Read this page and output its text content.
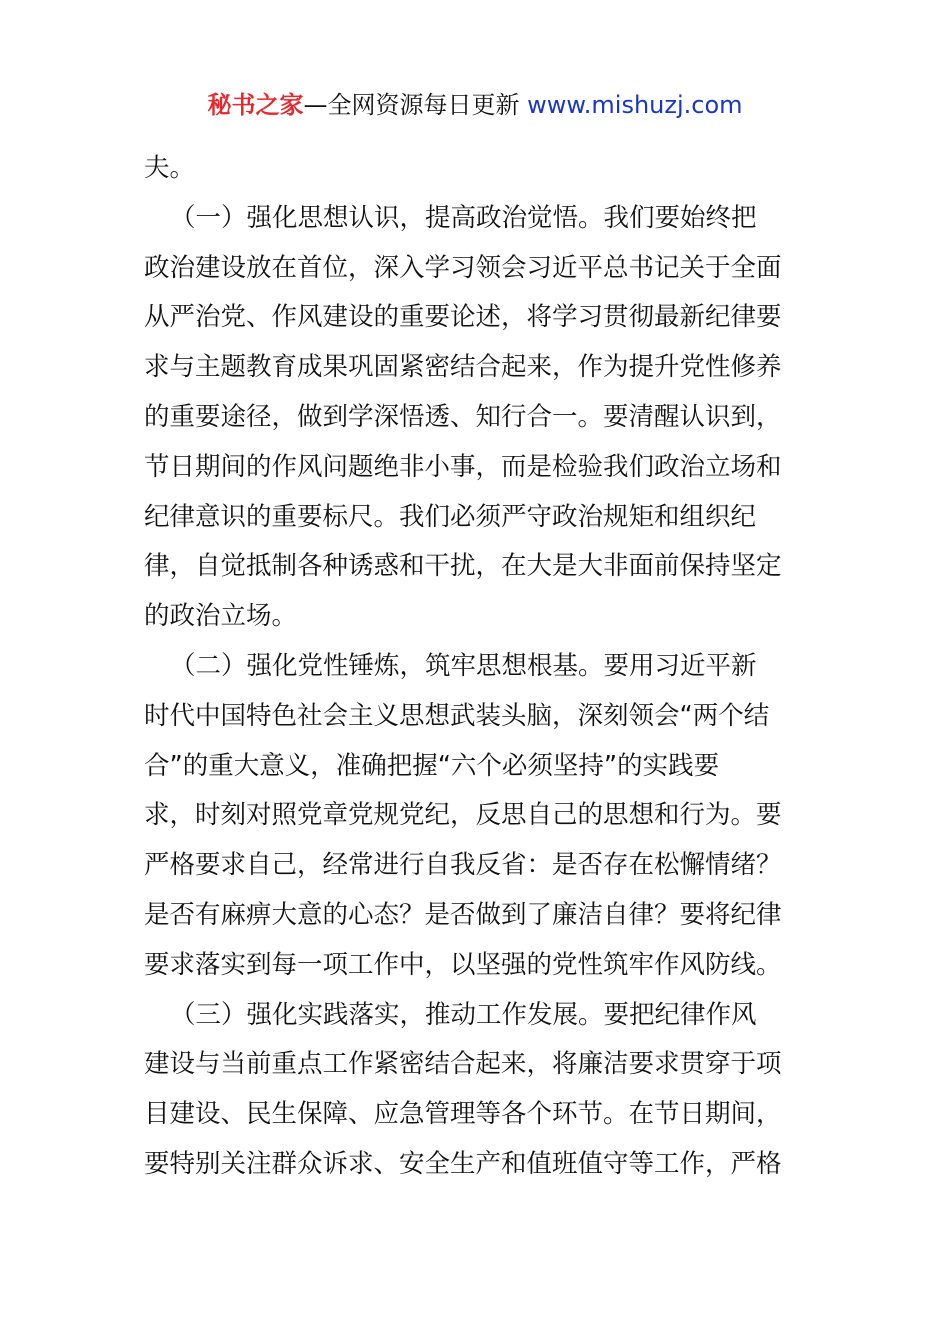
秘书之家—全网资源每日更新 www.mishuzj.com
夫。
（一）强化思想认识，提高政治觉悟。我们要始终把
政治建设放在首位，深入学习领会习近平总书记关于全面
从严治党、作风建设的重要论述，将学习贯彻最新纪律要
求与主题教育成果巩固紧密结合起来，作为提升党性修养
的重要途径，做到学深悟透、知行合一。要清醒认识到，
节日期间的作风问题绝非小事，而是检验我们政治立场和
纪律意识的重要标尺。我们必须严守政治规矩和组织纪
律，自觉抵制各种诱惑和干扰，在大是大非面前保持坚定
的政治立场。
（二）强化党性锤炼，筑牢思想根基。要用习近平新
时代中国特色社会主义思想武装头脑，深刻领会“两个结
合”的重大意义，准确把握“六个必须坚持”的实践要
求，时刻对照党章党规党纪，反思自己的思想和行为。要
严格要求自己，经常进行自我反省：是否存在松懈情绪？
是否有麻痹大意的心态？是否做到了廉洁自律？要将纪律
要求落实到每一项工作中，以坚强的党性筑牢作风防线。
（三）强化实践落实，推动工作发展。要把纪律作风
建设与当前重点工作紧密结合起来，将廉洁要求贯穿于项
目建设、民生保障、应急管理等各个环节。在节日期间，
要特别关注群众诉求、安全生产和值班值守等工作，严格
